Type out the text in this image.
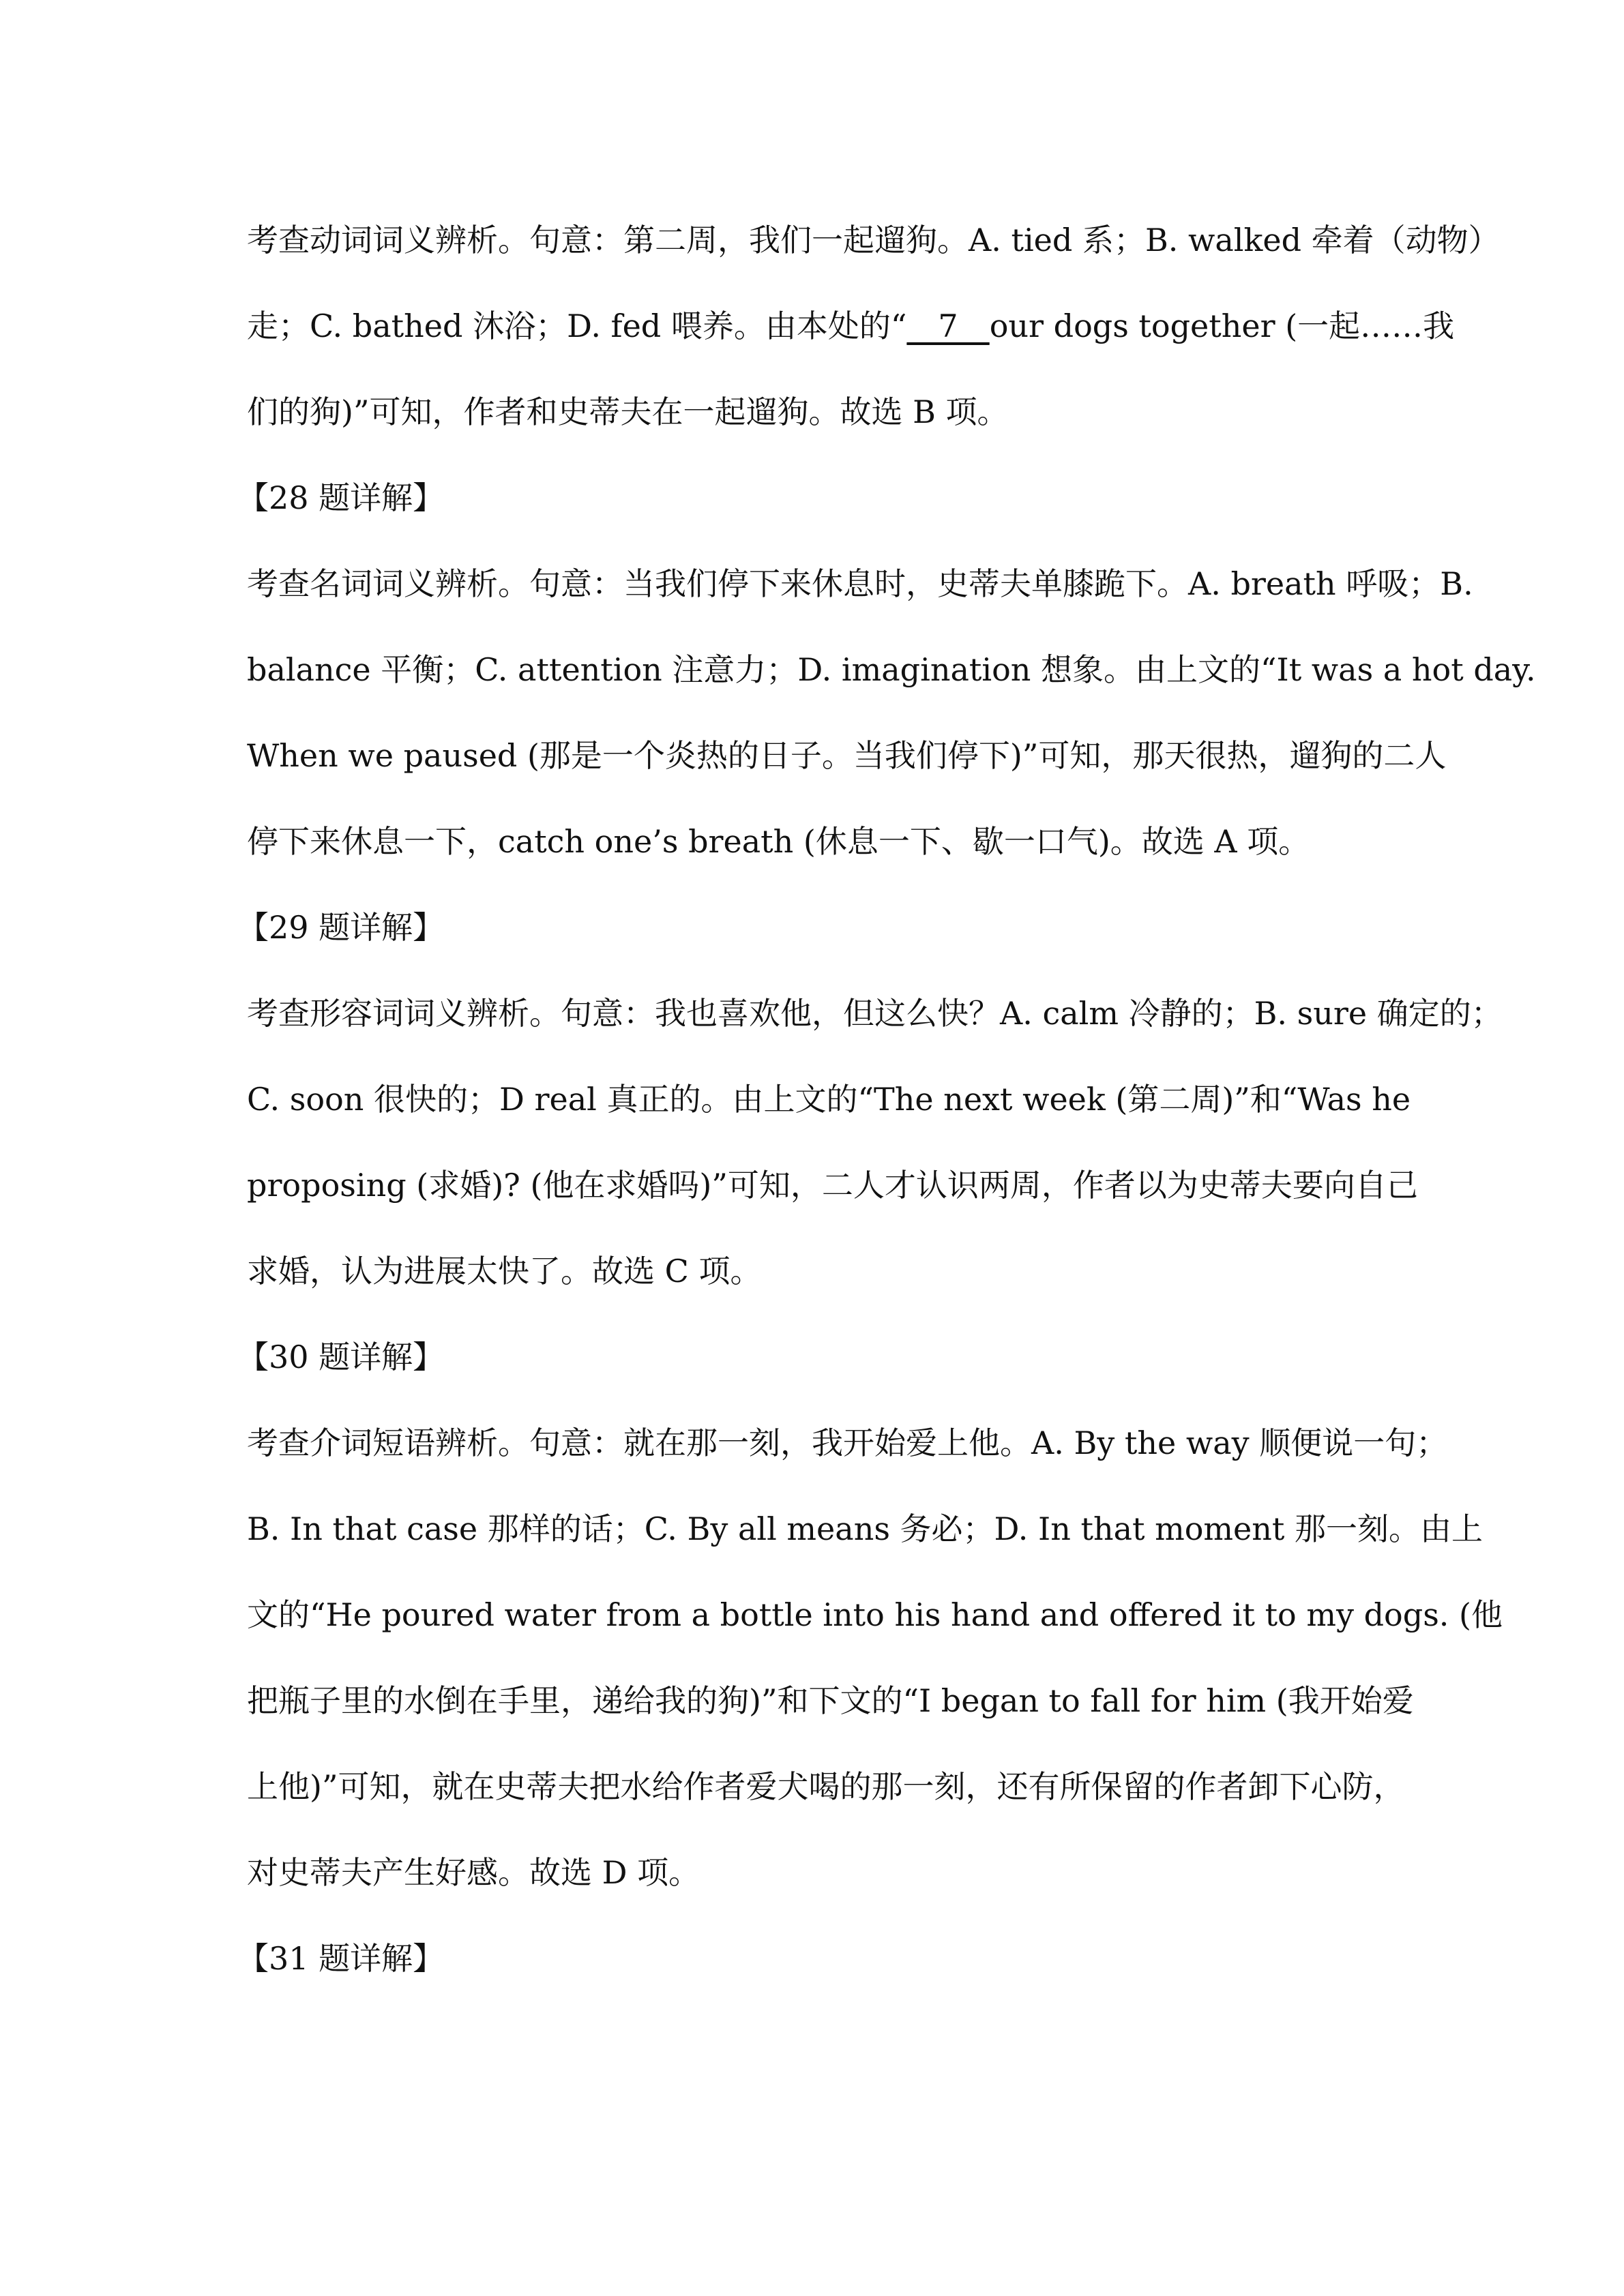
考查动词词义辨析。句意：第二周，我们一起遛狗。A. tied 系；B. walked 牵着（动物）
走；C. bathed 沐浴；D. fed 喂养。由本处的“__7__our dogs together (一起……我
们的狗)”可知，作者和史蒂夫在一起遛狗。故选 B 项。
【28 题详解】
考查名词词义辨析。句意：当我们停下来休息时，史蒂夫单膝跪下。A. breath 呼吸；B.
balance 平衡；C. attention 注意力；D. imagination 想象。由上文的“It was a hot day.
When we paused (那是一个炎热的日子。当我们停下)”可知，那天很热，遛狗的二人
停下来休息一下，catch one’s breath (休息一下、歇一口气)。故选 A 项。
【29 题详解】
考查形容词词义辨析。句意：我也喜欢他，但这么快？A. calm 冷静的；B. sure 确定的；
C. soon 很快的；D real 真正的。由上文的“The next week (第二周)”和“Was he
proposing (求婚)? (他在求婚吗)”可知，二人才认识两周，作者以为史蒂夫要向自己
求婚，认为进展太快了。故选 C 项。
【30 题详解】
考查介词短语辨析。句意：就在那一刻，我开始爱上他。A. By the way 顺便说一句；
B. In that case 那样的话；C. By all means 务必；D. In that moment 那一刻。由上
文的“He poured water from a bottle into his hand and offered it to my dogs. (他
把瓶子里的水倒在手里，递给我的狗)”和下文的“I began to fall for him (我开始爱
上他)”可知，就在史蒂夫把水给作者爱犬喝的那一刻，还有所保留的作者卸下心防，
对史蒂夫产生好感。故选 D 项。
【31 题详解】
